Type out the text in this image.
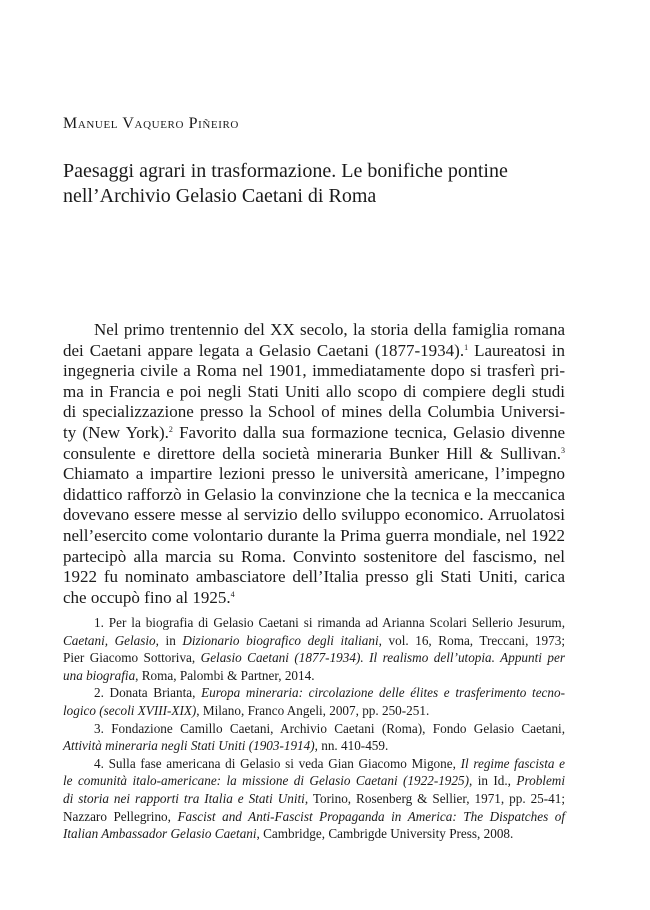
Manuel Vaquero Piñeiro
Paesaggi agrari in trasformazione. Le bonifiche pontine
nell’Archivio Gelasio Caetani di Roma
Nel primo trentennio del XX secolo, la storia della famiglia romana
dei Caetani appare legata a Gelasio Caetani (1877-1934).$^1$ Laureatosi in
ingegneria civile a Roma nel 1901, immediatamente dopo si trasferì pri-
ma in Francia e poi negli Stati Uniti allo scopo di compiere degli studi
di specializzazione presso la School of mines della Columbia Universi-
ty (New York).$^2$ Favorito dalla sua formazione tecnica, Gelasio divenne
consulente e direttore della società mineraria Bunker Hill & Sullivan.$^3$
Chiamato a impartire lezioni presso le università americane, l’impegno
didattico rafforzò in Gelasio la convinzione che la tecnica e la meccanica
dovevano essere messe al servizio dello sviluppo economico. Arruolatosi
nell’esercito come volontario durante la Prima guerra mondiale, nel 1922
partecipò alla marcia su Roma. Convinto sostenitore del fascismo, nel
1922 fu nominato ambasciatore dell’Italia presso gli Stati Uniti, carica
che occupò fino al 1925.$^4$
1. Per la biografia di Gelasio Caetani si rimanda ad Arianna Scolari Sellerio Jesurum,
Caetani, Gelasio, in Dizionario biografico degli italiani, vol. 16, Roma, Treccani, 1973;
Pier Giacomo Sottoriva, Gelasio Caetani (1877-1934). Il realismo dell’utopia. Appunti per
una biografia, Roma, Palombi & Partner, 2014.
2. Donata Brianta, Europa mineraria: circolazione delle élites e trasferimento tecno-
logico (secoli XVIII-XIX), Milano, Franco Angeli, 2007, pp. 250-251.
3. Fondazione Camillo Caetani, Archivio Caetani (Roma), Fondo Gelasio Caetani,
Attività mineraria negli Stati Uniti (1903-1914), nn. 410-459.
4. Sulla fase americana di Gelasio si veda Gian Giacomo Migone, Il regime fascista e
le comunità italo-americane: la missione di Gelasio Caetani (1922-1925), in Id., Problemi
di storia nei rapporti tra Italia e Stati Uniti, Torino, Rosenberg & Sellier, 1971, pp. 25-41;
Nazzaro Pellegrino, Fascist and Anti-Fascist Propaganda in America: The Dispatches of
Italian Ambassador Gelasio Caetani, Cambridge, Cambrigde University Press, 2008.
